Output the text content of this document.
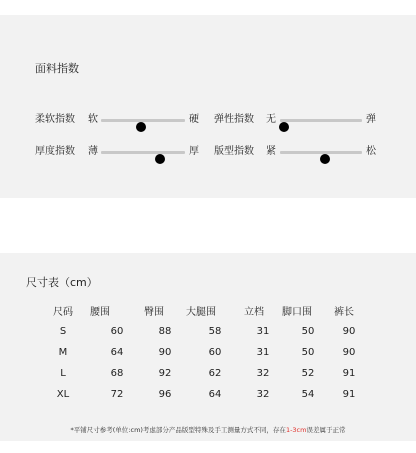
面料指数
柔软指数 软	硬 弹性指数 无	弹
厚度指数 薄	厚 版型指数 紧	松
尺寸表（cm）
尺码	腰围	臀围	大腿围	立档	脚口围	裤长
S	60	88	58	31	50	90
M	64	90	60	31	50	90
L	68	92	62	32	52	91
XL	72	96	64	32	54	91
*平铺尺寸参考(单位:cm)考虑部分产品版型特殊及手工测量方式不同，存在1-3cm误差属于正常
